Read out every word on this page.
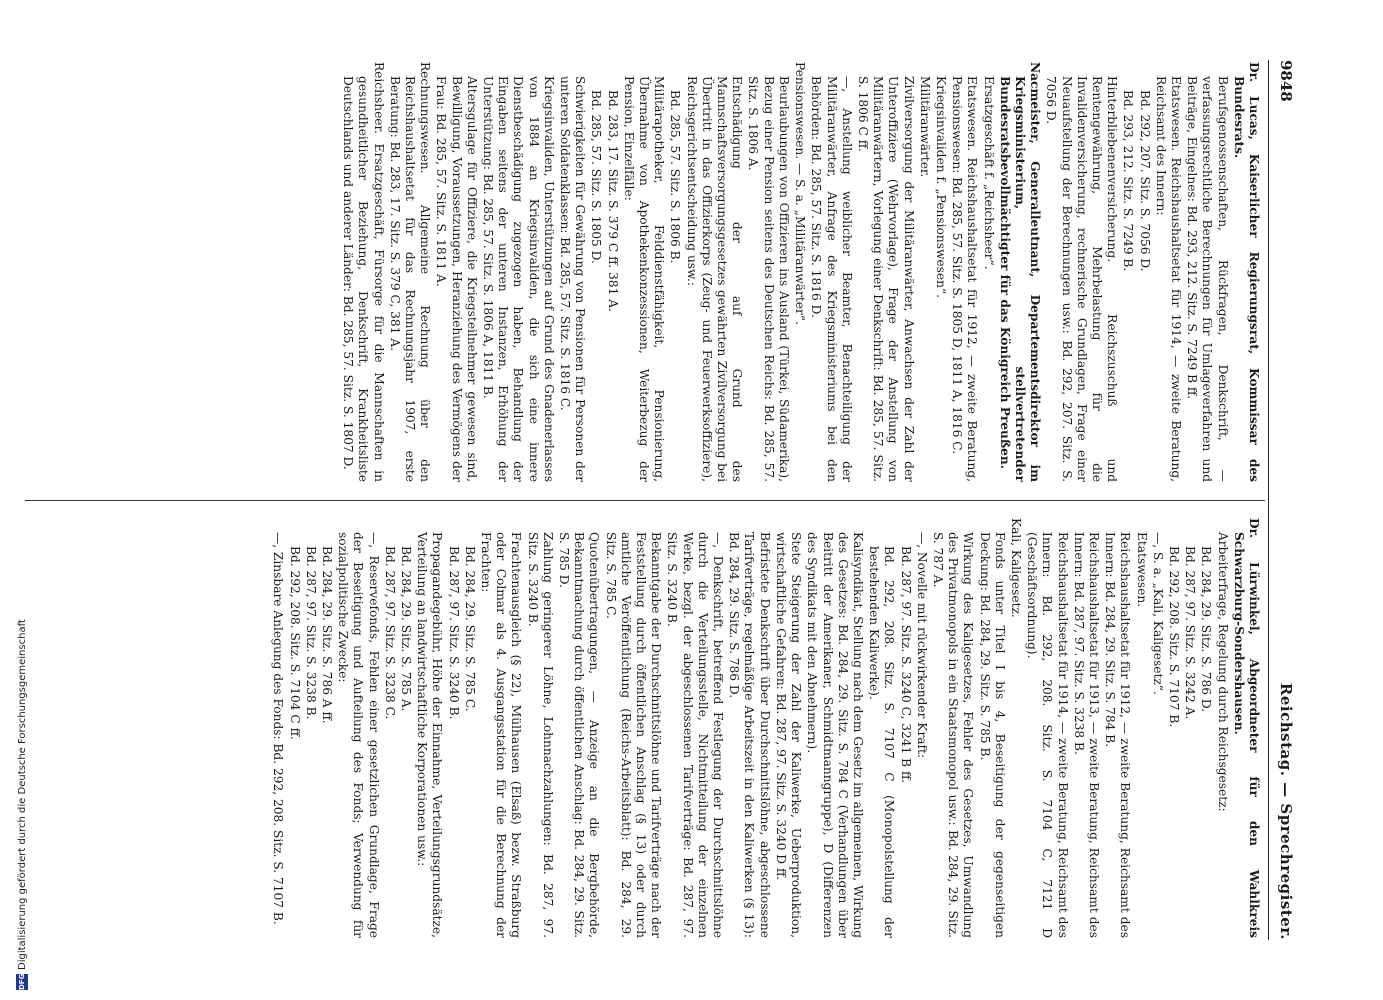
9848
Reichstag. — Sprechregister.
Dr. Lucas, Kaiserlicher Regierungsrat, Kommissar des Bundesrats.
Berufsgenossenschaften, Rückfragen, Denkschrift, — verfassungsrechtliche Berechnungen für Umlageverfahren und Beiträge, Eingelnes: Bd. 293, 212. Sitz. S. 7249 B ff.
Etatswesen. Reichshaushaltsetat für 1914, — zweite Beratung, Reichsamt des Innern:
Bd. 292, 207. Sitz. S. 7056 D.
Bd. 293, 212. Sitz. S. 7249 B.
Hinterbliebenenversicherung. Reichszuschuß und Rentengewährung, Mehrbelastung für die Invalidenversicherung, rechnerische Grundlagen, Frage einer Neuaufstellung der Berechnungen usw.: Bd. 292, 207. Sitz. S. 7056 D.
Nacmeister, Generalleutnant, Departementsdirektor im Kriegsministerium, stellvertretender Bundesratsbevollmächtigter für das Königreich Preußen.
Ersatzgeschäft f. „Reichsheer“.
Etatswesen. Reichshaushaltsetat für 1912, — zweite Beratung, Pensionswesen: Bd. 285, 57. Sitz. S. 1805 D, 1811 A, 1816 C.
Kriegsinvaliden f. „Pensionswesen“.
Militäranwärter.
Zivilversorgung der Militäranwärter, Anwachsen der Zahl der Unteroffiziere (Wehrvorlage), Frage der Anstellung von Militäranwärtern, Vorlegung einer Denkschrift: Bd. 285, 57. Sitz. S. 1806 C ff.
—, Anstellung weiblicher Beamter, Benachteiligung der Militäranwärter, Anfrage des Kriegsministeriums bei den Behörden: Bd. 285, 57. Sitz. S. 1816 D.
Pensionswesen. — S. a. „Militäranwärter“.
Beurlaubungen von Offizieren ins Ausland (Türkei, Südamerika), Bezug einer Pension seitens des Deutschen Reichs: Bd. 285, 57. Sitz. S. 1806 A.
Entschädigung der auf Grund des Mannschaftsversorgungsgesetzes gewährten Zivilversorgung bei Übertritt in das Offizierkorps (Zeug- und Feuerwerksoffiziere), Reichsgerichtsentscheidung usw.:
Bd. 285, 57. Sitz. S. 1806 B.
Militärapotheker, Felddienstfähigkeit, Pensionierung, Übernahme von Apothekenkonzessionen, Weiterbezug der Pension, Einzelfälle:
Bd. 283, 17. Sitz. S. 379 C ff. 381 A.
Bd. 285, 57. Sitz. S. 1805 D.
Schwierigkeiten für Gewährung von Pensionen für Personen der unteren Soldatenklassen: Bd. 285, 57. Sitz. S. 1816 C.
Kriegsinvaliden, Unterstützungen auf Grund des Gnadenerlasses von 1884 an Kriegsinvaliden, die sich eine innere Dienstbeschädigung zugezogen haben, Behandlung der Eingaben seitens der unteren Instanzen, Erhöhung der Unterstützung: Bd. 285, 57. Sitz. S. 1806 A, 1811 B.
Altersgulage für Offiziere, die Kriegsteilnehmer gewesen sind, Bewilligung, Voraussetzungen, Heranziehung des Vermögens der Frau: Bd. 285, 57. Sitz. S. 1811 A.
Rechnungswesen. Allgemeine Rechnung über den Reichshaushaltsetat für das Rechnungsjahr 1907, erste Beratung: Bd. 283, 17. Sitz. S. 379 C, 381 A.
Reichsheer. Ersatzgeschäft, Fürsorge für die Mannschaften in gesundheitlicher Beziehung, Denkschrift, Krankheitsliste Deutschlands und anderer Länder: Bd. 285, 57. Sitz. S. 1807 D.
Dr. Lürwinkel, Abgeordneter für den Wahlkreis Schwarzburg-Sondershausen.
Arbeiterfrage, Regelung durch Reichsgesetz:
Bd. 284, 29. Sitz. S. 786 D.
Bd. 287, 97. Sitz. S. 3242 A.
Bd. 292, 208. Sitz. S. 7107 B.
—, S. a. „Kali, Kaligesetz“.
Etatswesen.
Reichshaushaltsetat für 1912, — zweite Beratung, Reichsamt des Innern: Bd. 284, 29. Sitz. S. 784 B.
Reichshaushaltsetat für 1913, — zweite Beratung, Reichsamt des Innern: Bd. 287, 97. Sitz. S. 3238 B.
Reichshaushaltsetat für 1914, — zweite Beratung, Reichsamt des Innern: Bd. 292, 208. Sitz. S. 7104 C, 7121 D (Geschäftsordnung).
Kali, Kaligesetz.
Fonds unter Titel I bis 4, Beseitigung der gegenseitigen Deckung: Bd. 284, 29. Sitz. S. 785 B.
Wirkung des Kaligesetzes, Fehler des Gesetzes, Umwandlung des Privatmonopols in ein Staatsmonopol usw.: Bd. 284, 29. Sitz. S. 787 A.
—, Novelle mit rückwirkender Kraft:
Bd. 287, 97. Sitz. S. 3240 C, 3241 B ff.
Bd. 292, 208. Sitz. S. 7107 C (Monopolstellung der bestehenden Kaliwerke).
Kalisyndikat, Stellung nach dem Gesetz im allgemeinen, Wirkung des Gesetzes: Bd. 284, 29. Sitz. S. 784 C (Verhandlungen über Beitritt der Amerikaner, Schmidtmanngruppe), D (Differenzen des Syndikats mit den Abnehmern).
Stete Steigerung der Zahl der Kaliwerke, Ueberproduktion, wirtschaftliche Gefahren: Bd. 287, 97. Sitz. S. 3240 D ff.
Befristete Denkschrift über Durchschnittslöhne, abgeschlossene Tarifverträge, regelmäßige Arbeitszeit in den Kaliwerken (§ 13): Bd. 284, 29. Sitz. S. 786 D.
—, Denkschrift, betreffend Festlegung der Durchschnittslöhne durch die Verteilungsstelle, Nichtmitteilung der einzelnen Werke, bezgl. der abgeschlossenen Tarifverträge: Bd. 287, 97. Sitz. S. 3240 B.
Bekanntgabe der Durchschnittslöhne und Tarifverträge nach der Feststellung durch öffentlichen Anschlag (§ 13) oder durch amtliche Veröffentlichung (Reichs-Arbeitsblatt): Bd. 284, 29. Sitz. S. 785 C.
Quotenübertragungen, — Anzeige an die Bergbehörde, Bekanntmachung durch öffentlichen Anschlag: Bd. 284, 29. Sitz. S. 785 D.
Zahlung geringerer Löhne, Lohnnachzahlungen: Bd. 287, 97. Sitz. S. 3240 B.
Frachtenausgleich (§ 22), Mülhausen (Elsaß) bezw. Straßburg oder Colmar als 4. Ausgangsstation für die Berechnung der Frachten:
Bd. 284, 29. Sitz. S. 785 C.
Bd. 287, 97. Sitz. S. 3240 B.
Propagandegebühr, Höhe der Einnahme, Verteilungsgrundsätze, Verteilung an landwirtschaftliche Korporationen usw.:
Bd. 284, 29. Sitz. S. 785 A.
Bd. 287, 97. Sitz. S. 3238 C.
—, Reservefonds, Fehlen einer gesetzlichen Grundlage, Frage der Beseitigung und Aufteilung des Fonds; Verwendung für sozialpolitische Zwecke:
Bd. 284, 29. Sitz. S. 786 A ff.
Bd. 287, 97. Sitz. S. 3238 B.
Bd. 292, 208. Sitz. S. 7104 C ff.
—, Zinsbare Anlegung des Fonds: Bd. 292, 208. Sitz. S. 7107 B.
DFG
Digitalisierung gefördert durch die Deutsche Forschungsgemeinschaft
